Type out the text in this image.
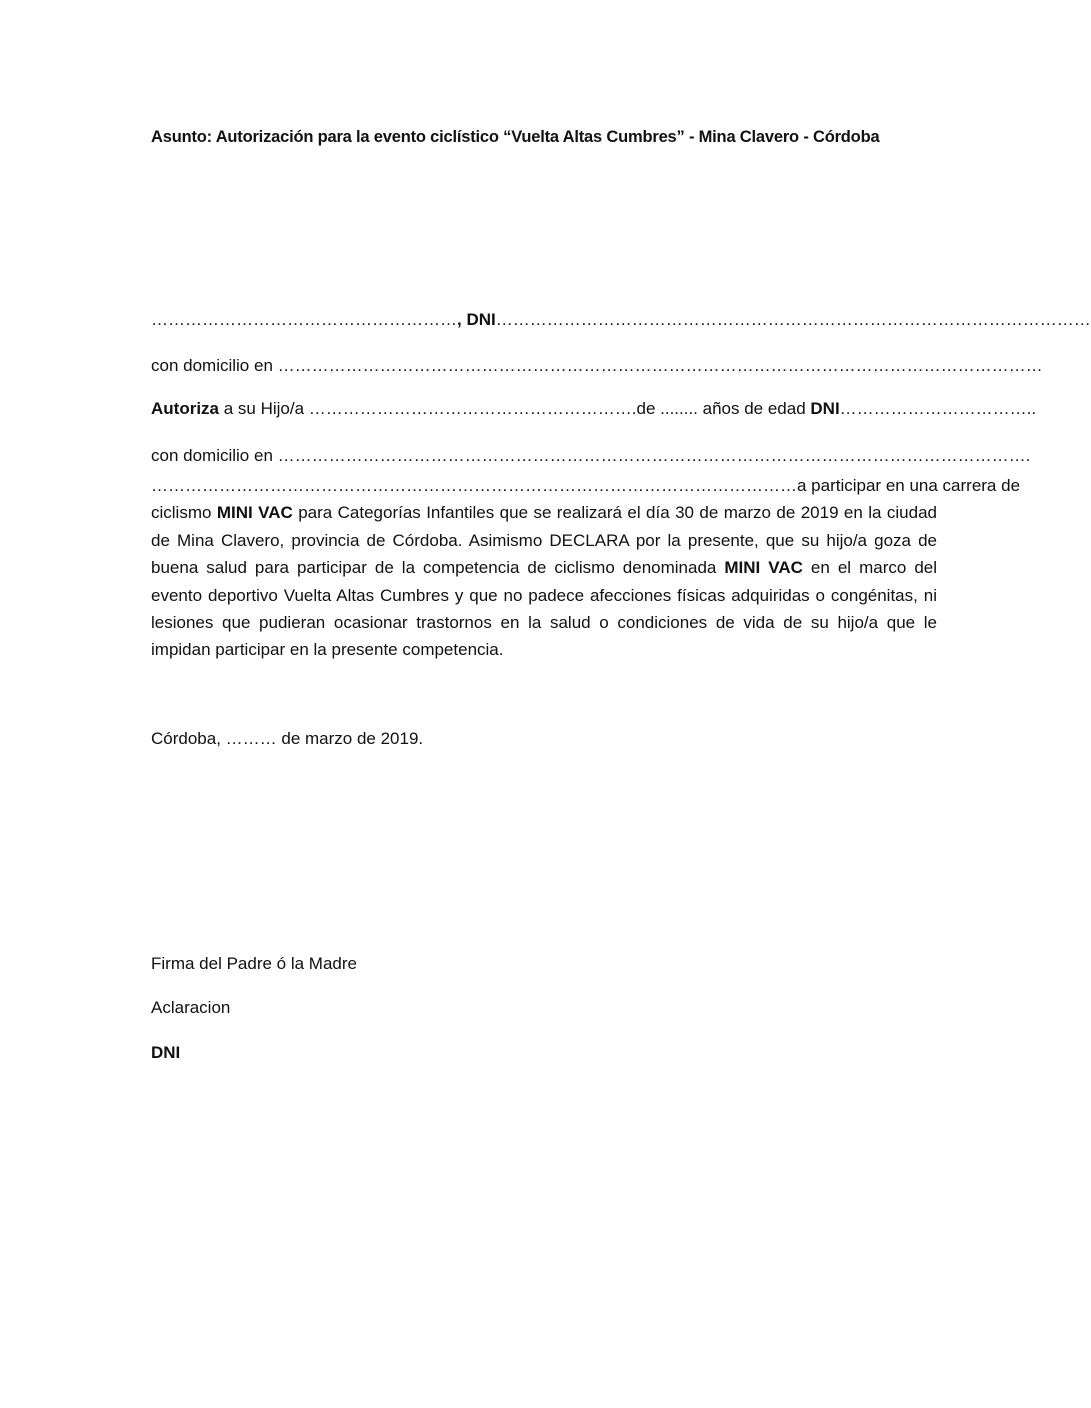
Asunto: Autorización para la evento ciclístico “Vuelta Altas Cumbres” - Mina Clavero - Córdoba
………………………………………………, DNI……………………………………………………………………………………………
con domicilio en ………………………………………………………………………………………………………………………
Autoriza a su Hijo/a ………………………………………………….de ........ años de edad DNI……………………………..
con domicilio en …………………………………………………………………………………………………………………….
……………………………………………………………………………………………………a participar en una carrera de
ciclismo MINI VAC para Categorías Infantiles que se realizará el día 30 de marzo de 2019 en la ciudad de Mina Clavero, provincia de Córdoba. Asimismo DECLARA por la presente, que su hijo/a goza de buena salud para participar de la competencia de ciclismo denominada MINI VAC en el marco del evento deportivo Vuelta Altas Cumbres y que no padece afecciones físicas adquiridas o congénitas, ni lesiones que pudieran ocasionar trastornos en la salud o condiciones de vida de su hijo/a que le impidan participar en la presente competencia.
Córdoba, ……… de marzo de 2019.
Firma del Padre ó la Madre
Aclaracion
DNI
